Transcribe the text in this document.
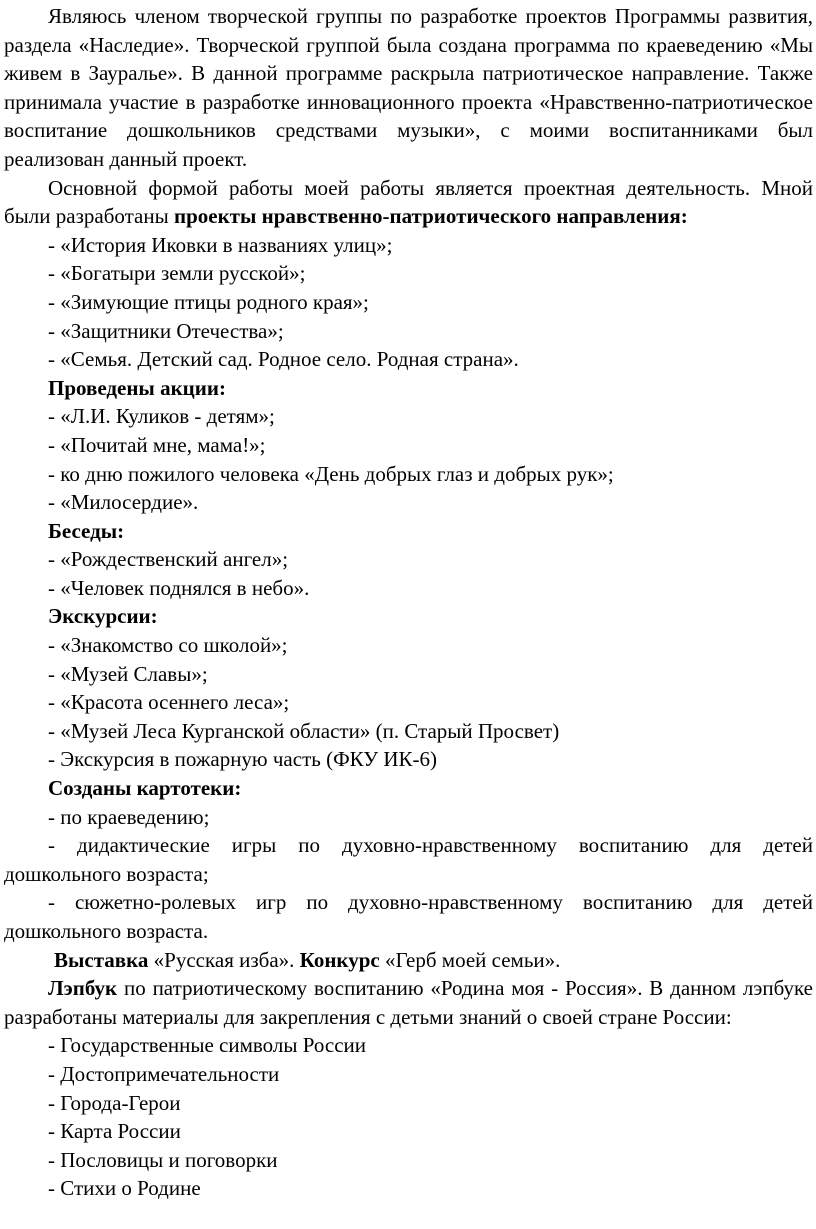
Являюсь членом творческой группы по разработке проектов Программы развития, раздела «Наследие». Творческой группой была создана программа по краеведению «Мы живем в Зауралье». В данной программе раскрыла патриотическое направление. Также принимала участие в разработке инновационного проекта «Нравственно-патриотическое воспитание дошкольников средствами музыки», с моими воспитанниками был реализован данный проект.

Основной формой работы моей работы является проектная деятельность. Мной были разработаны проекты нравственно-патриотического направления:

- «История Иковки в названиях улиц»;

- «Богатыри земли русской»;

- «Зимующие птицы родного края»;

- «Защитники Отечества»;

- «Семья. Детский сад. Родное село. Родная страна».

Проведены акции:

- «Л.И. Куликов - детям»;

- «Почитай мне, мама!»;

- ко дню пожилого человека «День добрых глаз и добрых рук»;

- «Милосердие».

Беседы:

- «Рождественский ангел»;

- «Человек поднялся в небо».

Экскурсии:

- «Знакомство со школой»;

- «Музей Славы»;

- «Красота осеннего леса»;

- «Музей Леса Курганской области» (п. Старый Просвет)

- Экскурсия в пожарную часть (ФКУ ИК-6)

Созданы картотеки:

- по краеведению;

- дидактические игры по духовно-нравственному воспитанию для детей дошкольного возраста;

- сюжетно-ролевых игр по духовно-нравственному воспитанию для детей дошкольного возраста.

Выставка «Русская изба». Конкурс «Герб моей семьи».

Лэпбук по патриотическому воспитанию «Родина моя - Россия». В данном лэпбуке разработаны материалы для закрепления с детьми знаний о своей стране России:

- Государственные символы России

- Достопримечательности

- Города-Герои

- Карта России

- Пословицы и поговорки

- Стихи о Родине
